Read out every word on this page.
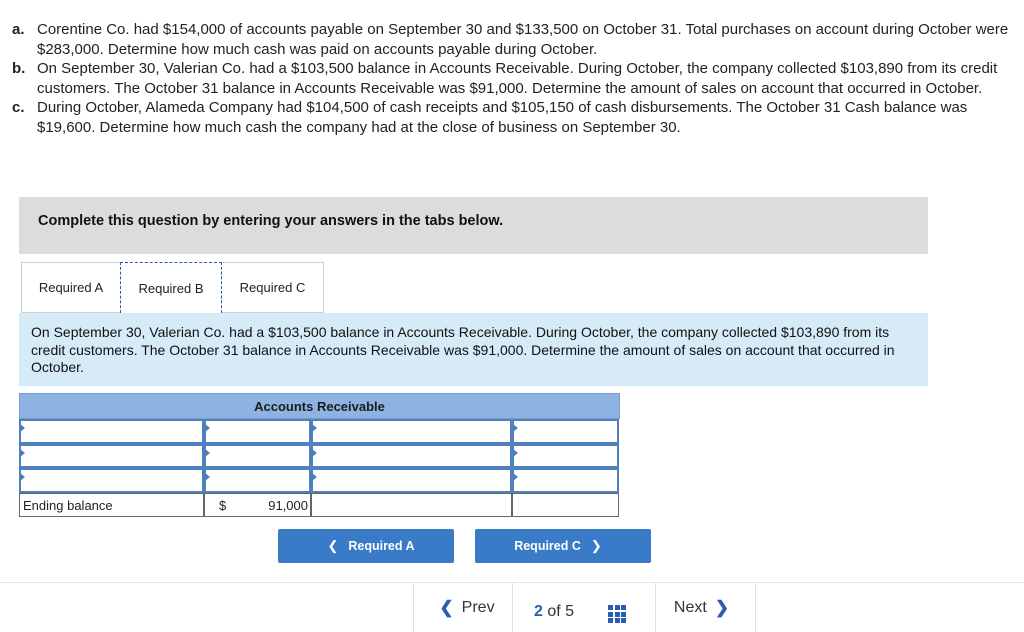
a. Corentine Co. had $154,000 of accounts payable on September 30 and $133,500 on October 31. Total purchases on account during October were $283,000. Determine how much cash was paid on accounts payable during October.
b. On September 30, Valerian Co. had a $103,500 balance in Accounts Receivable. During October, the company collected $103,890 from its credit customers. The October 31 balance in Accounts Receivable was $91,000. Determine the amount of sales on account that occurred in October.
c. During October, Alameda Company had $104,500 of cash receipts and $105,150 of cash disbursements. The October 31 Cash balance was $19,600. Determine how much cash the company had at the close of business on September 30.
Complete this question by entering your answers in the tabs below.
Required A	Required B	Required C
On September 30, Valerian Co. had a $103,500 balance in Accounts Receivable. During October, the company collected $103,890 from its credit customers. The October 31 balance in Accounts Receivable was $91,000. Determine the amount of sales on account that occurred in October.
Accounts Receivable
Ending balance	$	91,000
❮ Required A	Required C ❯
❮ Prev 2 of 5	Next ❯
